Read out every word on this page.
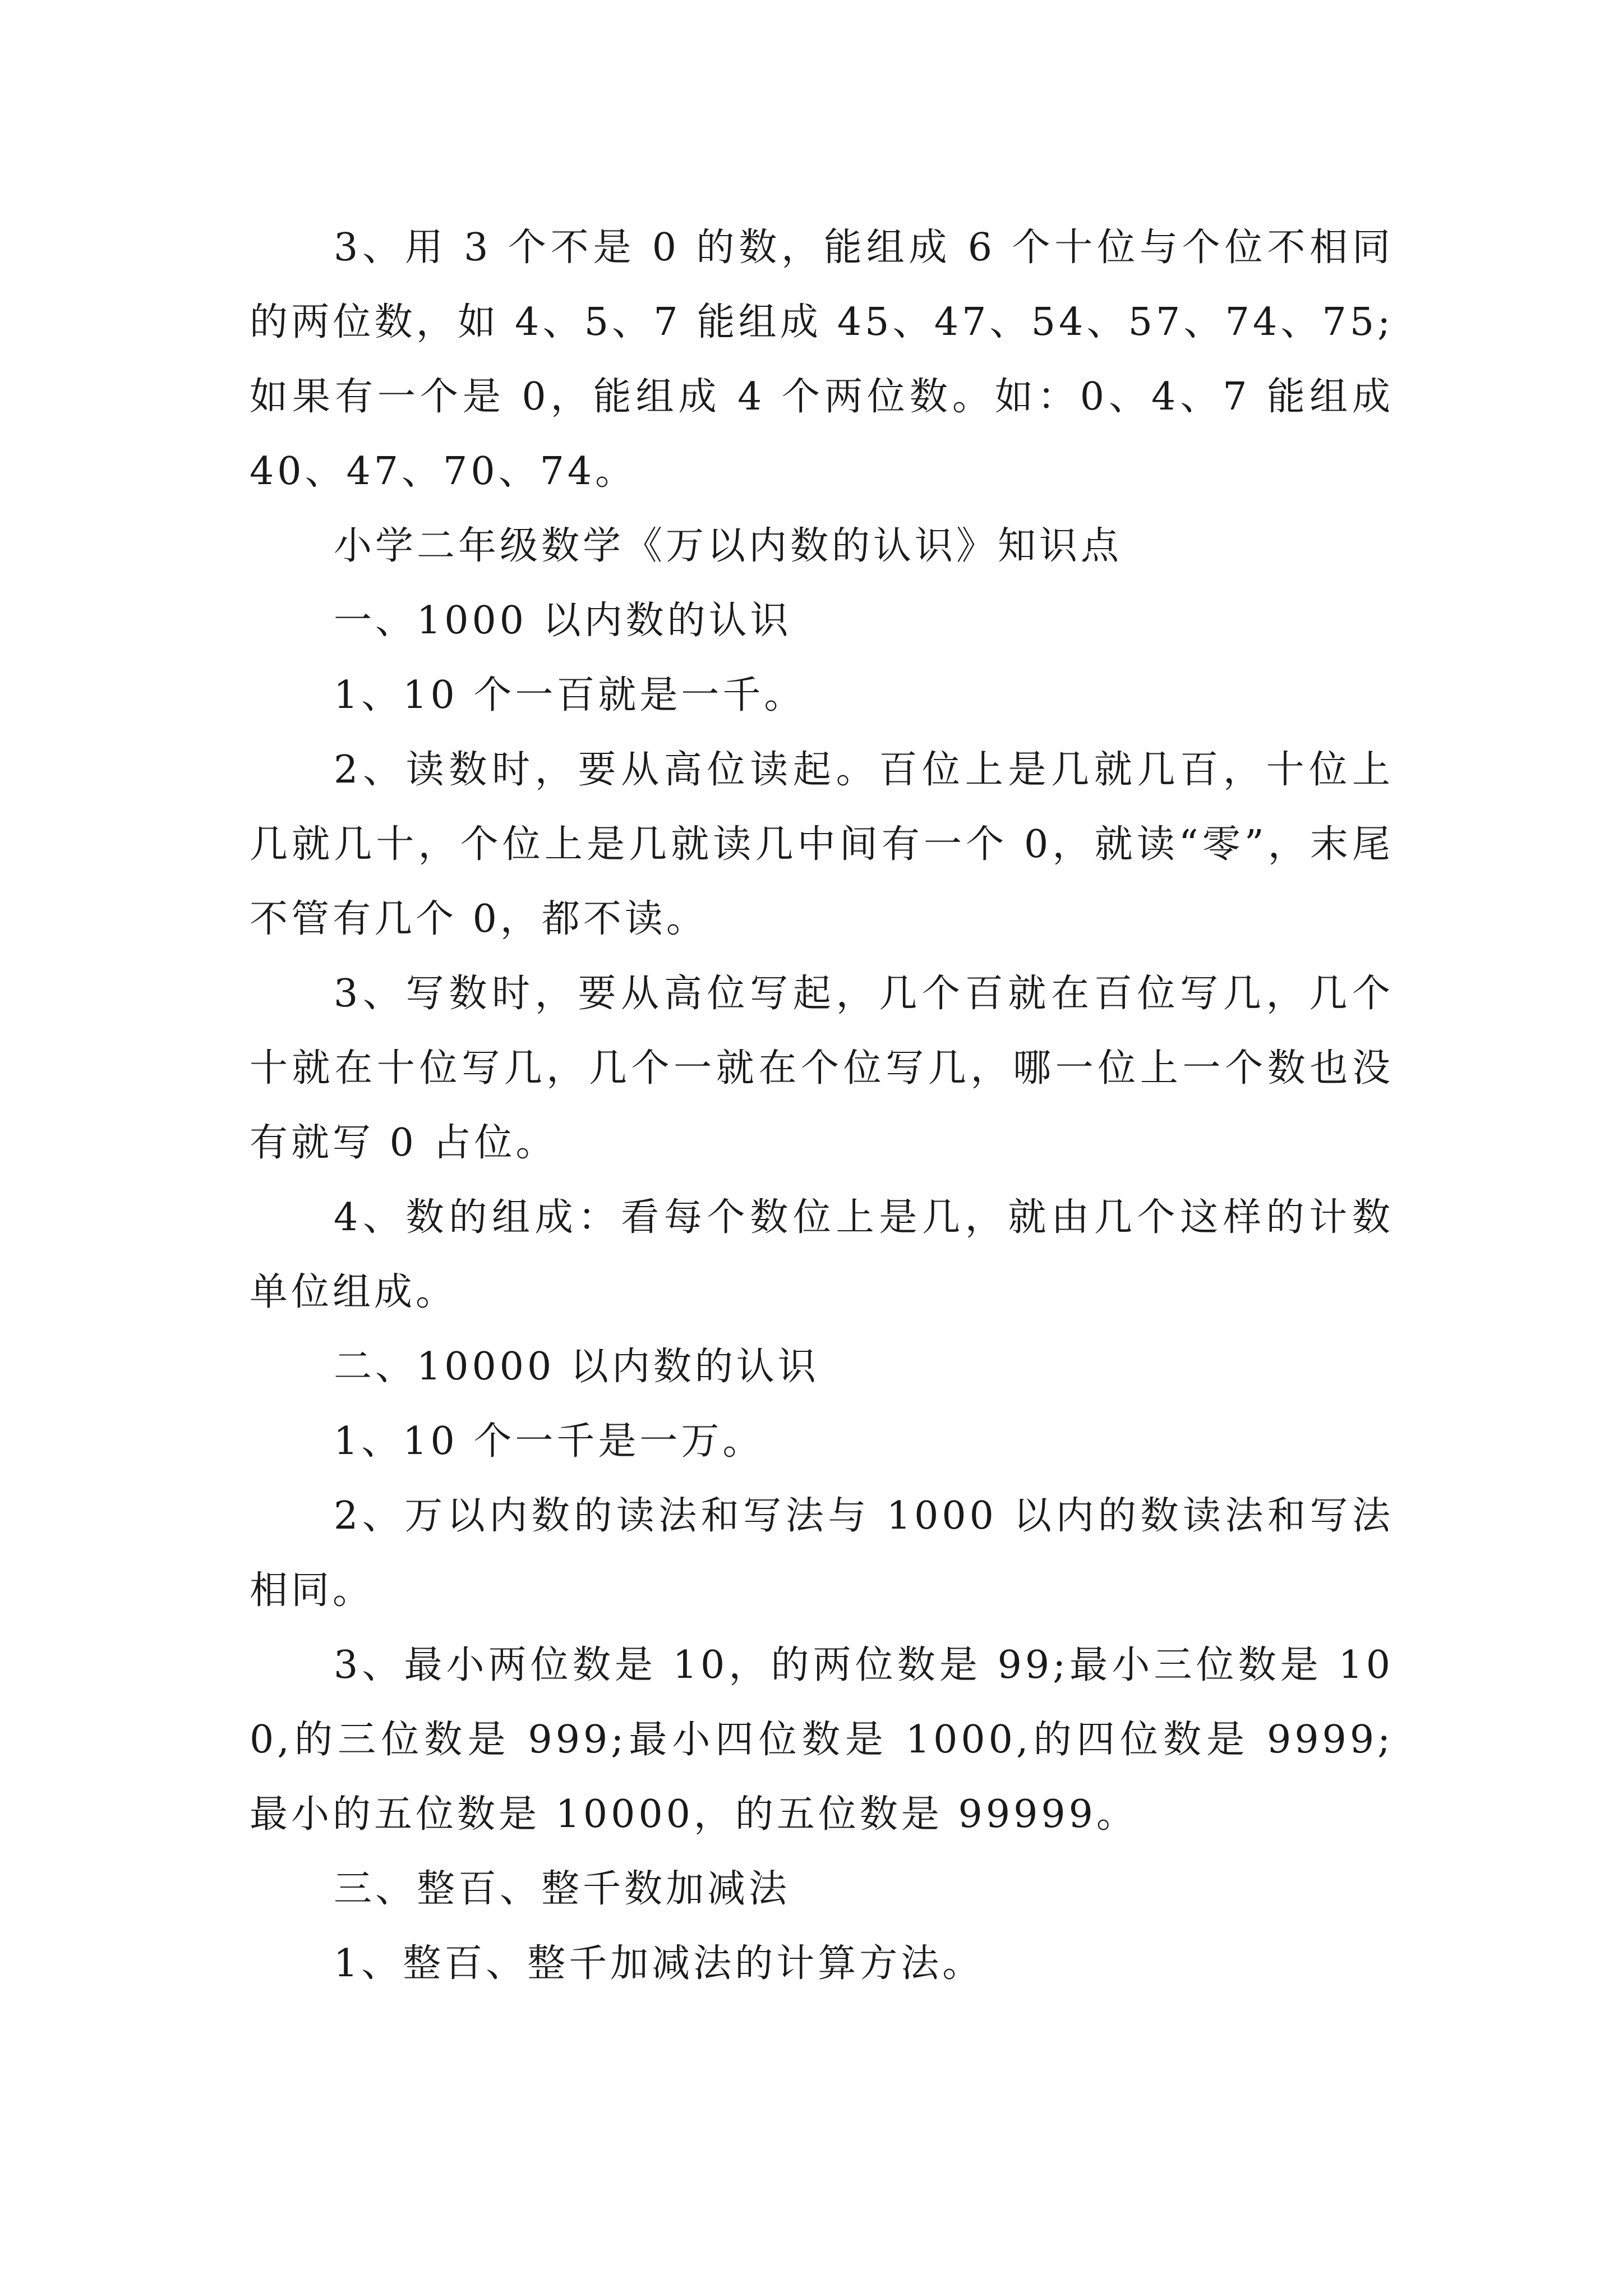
3、用 3 个不是 0 的数，能组成 6 个十位与个位不相同的两位数，如 4、5、7 能组成 45、47、54、57、74、75;如果有一个是 0，能组成 4 个两位数。如：0、4、7 能组成 40、47、70、74。

小学二年级数学《万以内数的认识》知识点

一、1000 以内数的认识

1、10 个一百就是一千。

2、读数时，要从高位读起。百位上是几就几百，十位上几就几十，个位上是几就读几中间有一个 0，就读“零”，末尾不管有几个 0，都不读。

3、写数时，要从高位写起，几个百就在百位写几，几个十就在十位写几，几个一就在个位写几，哪一位上一个数也没有就写 0 占位。

4、数的组成：看每个数位上是几，就由几个这样的计数单位组成。

二、10000 以内数的认识

1、10 个一千是一万。

2、万以内数的读法和写法与 1000 以内的数读法和写法相同。

3、最小两位数是 10，的两位数是 99;最小三位数是 100,的三位数是 999;最小四位数是 1000,的四位数是 9999;最小的五位数是 10000，的五位数是 99999。

三、整百、整千数加减法

1、整百、整千加减法的计算方法。
